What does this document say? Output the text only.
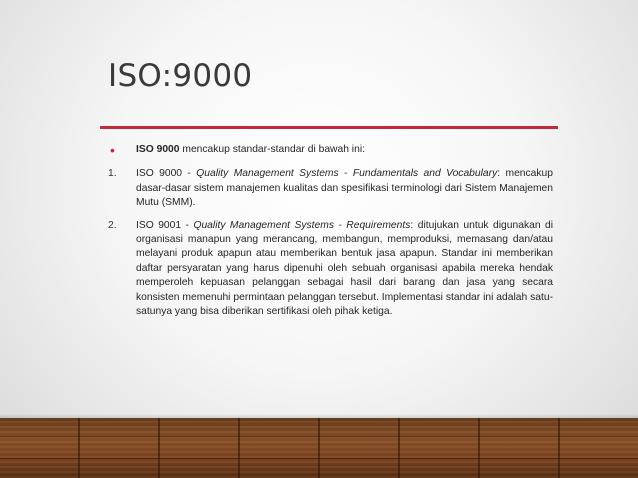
ISO:9000
• ISO 9000 mencakup standar-standar di bawah ini:
1. ISO 9000 - Quality Management Systems - Fundamentals and Vocabulary: mencakup dasar-dasar sistem manajemen kualitas dan spesifikasi terminologi dari Sistem Manajemen Mutu (SMM).
2. ISO 9001 - Quality Management Systems - Requirements: ditujukan untuk digunakan di organisasi manapun yang merancang, membangun, memproduksi, memasang dan/atau melayani produk apapun atau memberikan bentuk jasa apapun. Standar ini memberikan daftar persyaratan yang harus dipenuhi oleh sebuah organisasi apabila mereka hendak memperoleh kepuasan pelanggan sebagai hasil dari barang dan jasa yang secara konsisten memenuhi permintaan pelanggan tersebut. Implementasi standar ini adalah satu-satunya yang bisa diberikan sertifikasi oleh pihak ketiga.
